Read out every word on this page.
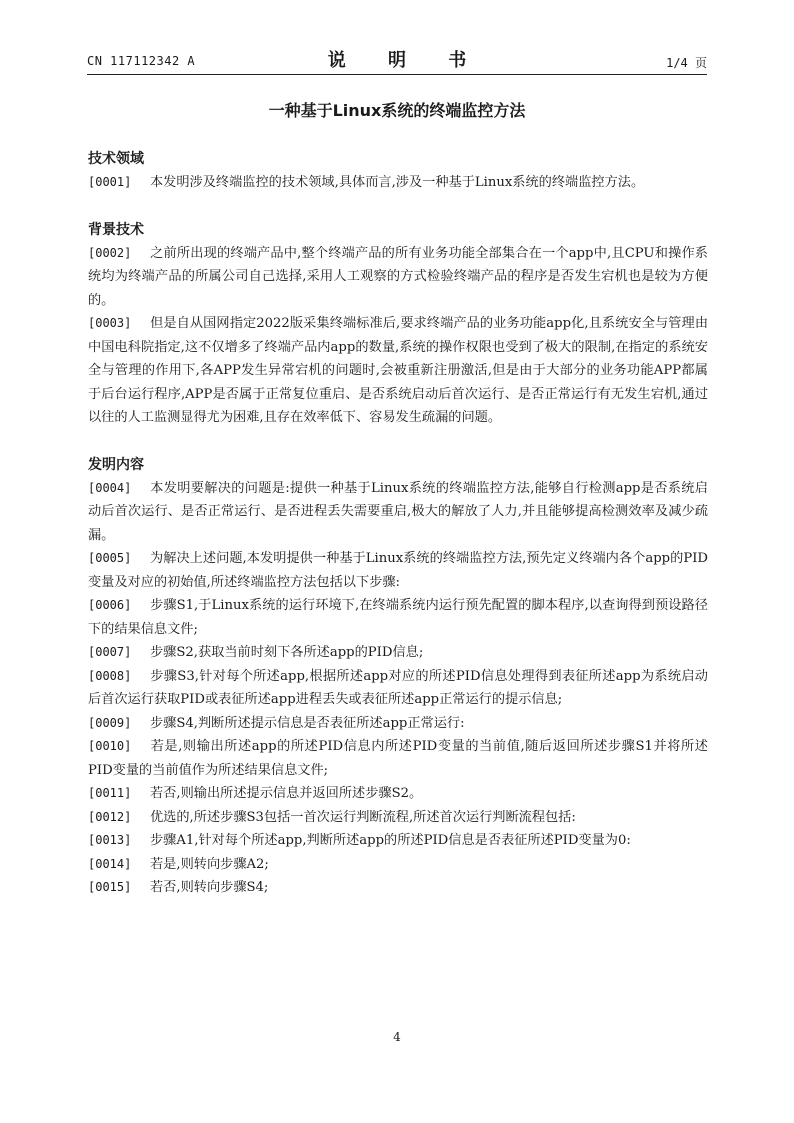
CN 117112342 A	说 明 书	1/4 页
一种基于Linux系统的终端监控方法

技术领域

[0001] 本发明涉及终端监控的技术领域,具体而言,涉及一种基于Linux系统的终端监控方法。

背景技术

[0002] 之前所出现的终端产品中,整个终端产品的所有业务功能全部集合在一个app中,且CPU和操作系统均为终端产品的所属公司自己选择,采用人工观察的方式检验终端产品的程序是否发生宕机也是较为方便的。

[0003] 但是自从国网指定2022版采集终端标准后,要求终端产品的业务功能app化,且系统安全与管理由中国电科院指定,这不仅增多了终端产品内app的数量,系统的操作权限也受到了极大的限制,在指定的系统安全与管理的作用下,各APP发生异常宕机的问题时,会被重新注册激活,但是由于大部分的业务功能APP都属于后台运行程序,APP是否属于正常复位重启、是否系统启动后首次运行、是否正常运行有无发生宕机,通过以往的人工监测显得尤为困难,且存在效率低下、容易发生疏漏的问题。

发明内容

[0004] 本发明要解决的问题是:提供一种基于Linux系统的终端监控方法,能够自行检测app是否系统启动后首次运行、是否正常运行、是否进程丢失需要重启,极大的解放了人力,并且能够提高检测效率及减少疏漏。

[0005] 为解决上述问题,本发明提供一种基于Linux系统的终端监控方法,预先定义终端内各个app的PID变量及对应的初始值,所述终端监控方法包括以下步骤:

[0006] 步骤S1,于Linux系统的运行环境下,在终端系统内运行预先配置的脚本程序,以查询得到预设路径下的结果信息文件;

[0007] 步骤S2,获取当前时刻下各所述app的PID信息;

[0008] 步骤S3,针对每个所述app,根据所述app对应的所述PID信息处理得到表征所述app为系统启动后首次运行获取PID或表征所述app进程丢失或表征所述app正常运行的提示信息;

[0009] 步骤S4,判断所述提示信息是否表征所述app正常运行:

[0010] 若是,则输出所述app的所述PID信息内所述PID变量的当前值,随后返回所述步骤S1并将所述PID变量的当前值作为所述结果信息文件;

[0011] 若否,则输出所述提示信息并返回所述步骤S2。

[0012] 优选的,所述步骤S3包括一首次运行判断流程,所述首次运行判断流程包括:

[0013] 步骤A1,针对每个所述app,判断所述app的所述PID信息是否表征所述PID变量为0:

[0014] 若是,则转向步骤A2;

[0015] 若否,则转向步骤S4;

4
